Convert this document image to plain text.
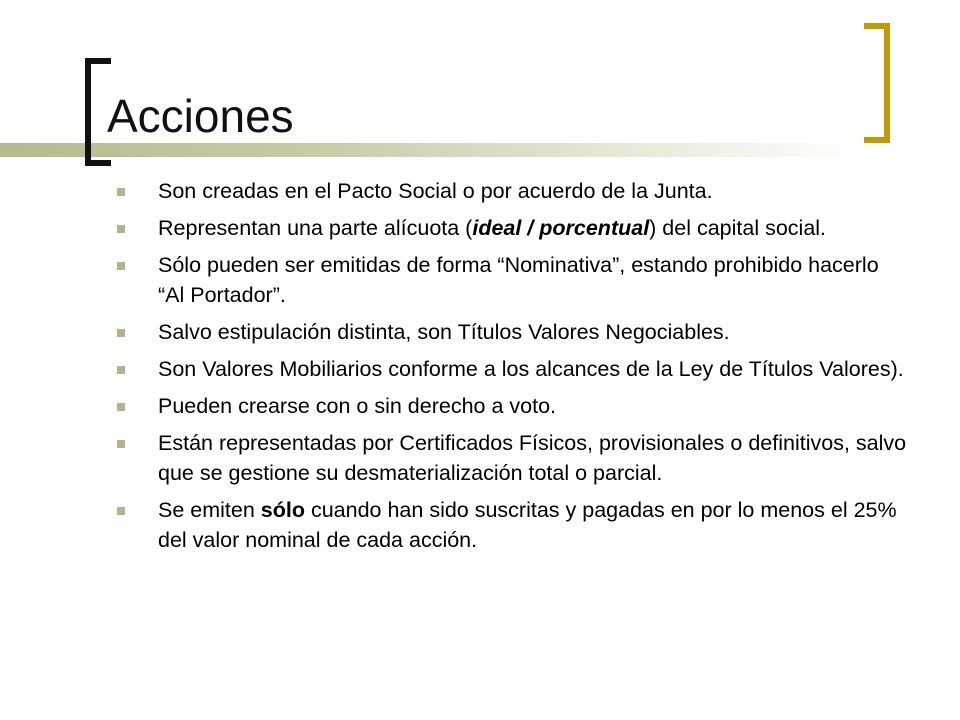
Acciones
Son creadas en el Pacto Social o por acuerdo de la Junta.
Representan una parte alícuota (ideal / porcentual) del capital social.
Sólo pueden ser emitidas de forma “Nominativa”, estando prohibido hacerlo “Al Portador”.
Salvo estipulación distinta, son Títulos Valores Negociables.
Son Valores Mobiliarios conforme a los alcances de la Ley de Títulos Valores).
Pueden crearse con o sin derecho a voto.
Están representadas por Certificados Físicos, provisionales o definitivos, salvo que se gestione su desmaterialización total o parcial.
Se emiten sólo cuando han sido suscritas y pagadas en por lo menos el 25% del valor nominal de cada acción.
